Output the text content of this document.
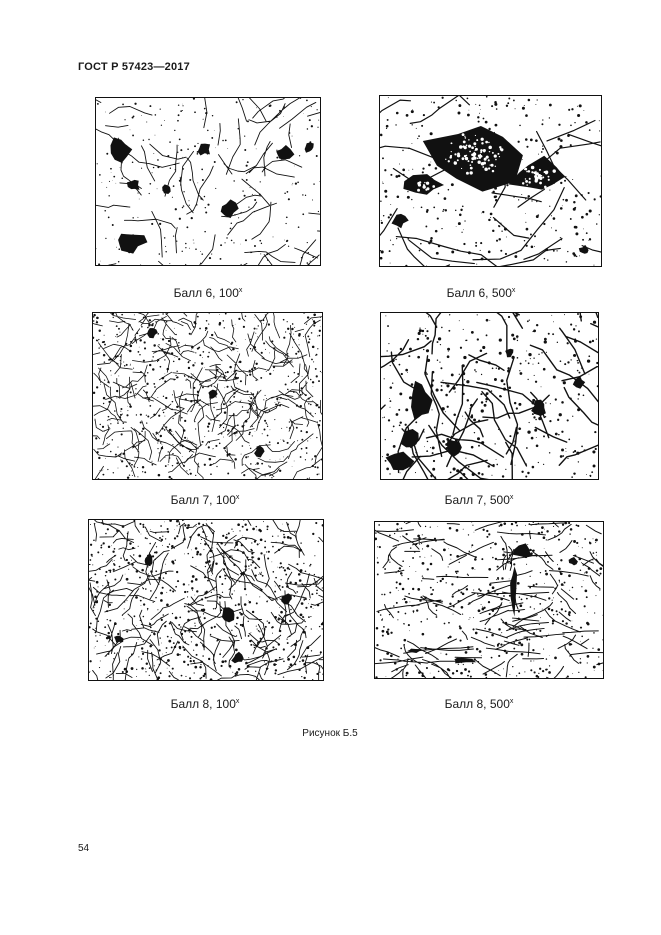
ГОСТ Р 57423—2017
Балл 6, $100^х$	Балл 6, $500^х$
Балл 7, $100^х$	Балл 7, $500^х$
Балл 8, $100^х$	Балл 8, $500^х$
Рисунок Б.5
54
